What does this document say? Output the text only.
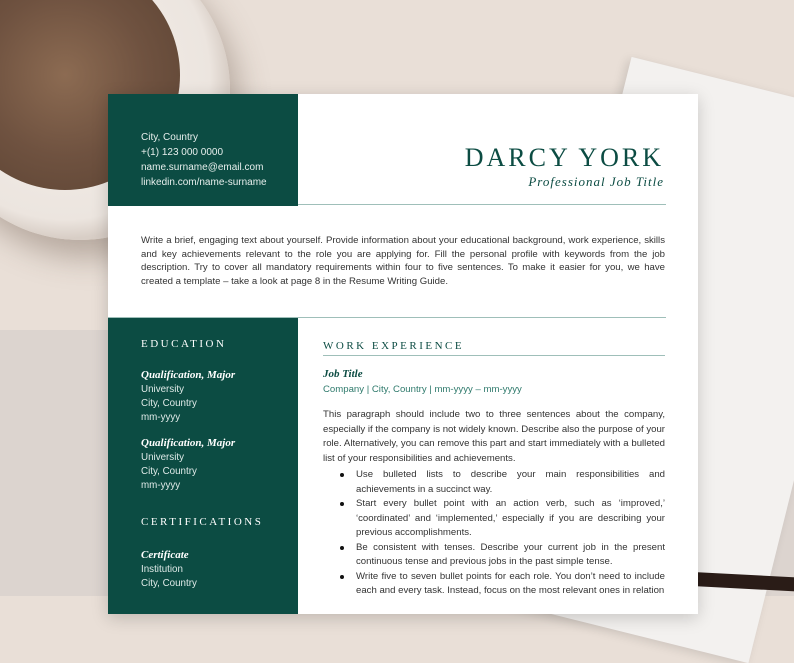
City, Country
+(1) 123 000 0000
name.surname@email.com
linkedin.com/name-surname
DARCY YORK
Professional Job Title
Write a brief, engaging text about yourself. Provide information about your educational background, work experience, skills and key achievements relevant to the role you are applying for. Fill the personal profile with keywords from the job description. Try to cover all mandatory requirements within four to five sentences. To make it easier for you, we have created a template – take a look at page 8 in the Resume Writing Guide.
EDUCATION
Qualification, Major
University
City, Country
mm-yyyy
Qualification, Major
University
City, Country
mm-yyyy
CERTIFICATIONS
Certificate
Institution
City, Country
WORK EXPERIENCE
Job Title
Company | City, Country | mm-yyyy – mm-yyyy
This paragraph should include two to three sentences about the company, especially if the company is not widely known. Describe also the purpose of your role. Alternatively, you can remove this part and start immediately with a bulleted list of your responsibilities and achievements.
Use bulleted lists to describe your main responsibilities and achievements in a succinct way.
Start every bullet point with an action verb, such as ‘improved,’ ‘coordinated’ and ‘implemented,’ especially if you are describing your previous accomplishments.
Be consistent with tenses. Describe your current job in the present continuous tense and previous jobs in the past simple tense.
Write five to seven bullet points for each role. You don’t need to include each and every task. Instead, focus on the most relevant ones in relation
